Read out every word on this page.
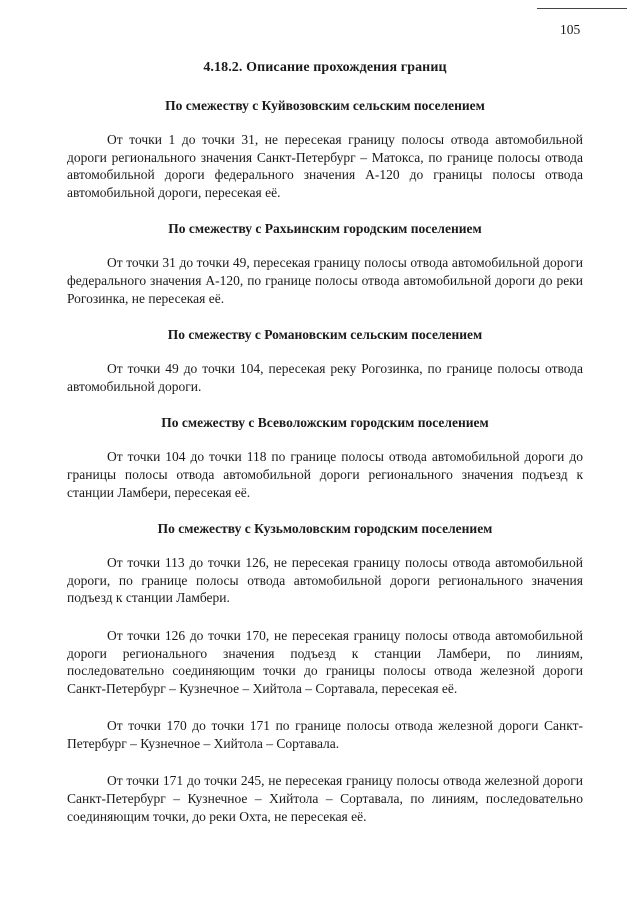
105
4.18.2. Описание прохождения границ
По смежеству с Куйвозовским сельским поселением

От точки 1 до точки 31, не пересекая границу полосы отвода автомобильной дороги регионального значения Санкт-Петербург – Матокса, по границе полосы отвода автомобильной дороги федерального значения А-120 до границы полосы отвода автомобильной дороги, пересекая её.

По смежеству с Рахьинским городским поселением

От точки 31 до точки 49, пересекая границу полосы отвода автомобильной дороги федерального значения А-120, по границе полосы отвода автомобильной дороги до реки Рогозинка, не пересекая её.

По смежеству с Романовским сельским поселением

От точки 49 до точки 104, пересекая реку Рогозинка, по границе полосы отвода автомобильной дороги.

По смежеству с Всеволожским городским поселением

От точки 104 до точки 118 по границе полосы отвода автомобильной дороги до границы полосы отвода автомобильной дороги регионального значения подъезд к станции Ламбери, пересекая её.

По смежеству с Кузьмоловским городским поселением

От точки 113 до точки 126, не пересекая границу полосы отвода автомобильной дороги, по границе полосы отвода автомобильной дороги регионального значения подъезд к станции Ламбери.

От точки 126 до точки 170, не пересекая границу полосы отвода автомобильной дороги регионального значения подъезд к станции Ламбери, по линиям, последовательно соединяющим точки до границы полосы отвода железной дороги Санкт-Петербург – Кузнечное – Хийтола – Сортавала, пересекая её.

От точки 170 до точки 171 по границе полосы отвода железной дороги Санкт-Петербург – Кузнечное – Хийтола – Сортавала.

От точки 171 до точки 245, не пересекая границу полосы отвода железной дороги Санкт-Петербург – Кузнечное – Хийтола – Сортавала, по линиям, последовательно соединяющим точки, до реки Охта, не пересекая её.
